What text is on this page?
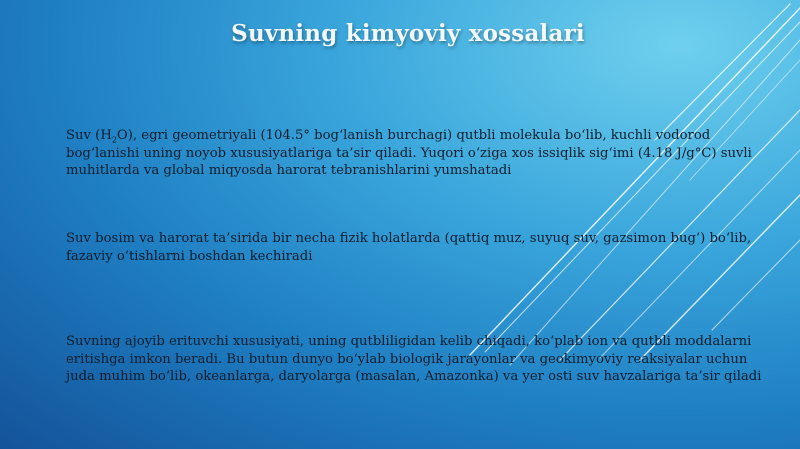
Suvning kimyoviy xossalari

Suv $(H_2O)$, egri geometriyali (104.5° bog‘lanish burchagi) qutbli molekula bo‘lib, kuchli vodorod bog‘lanishi uning noyob xususiyatlariga ta’sir qiladi. Yuqori o‘ziga xos issiqlik sig‘imi (4.18 J/g°C) suvli muhitlarda va global miqyosda harorat tebranishlarini yumshatadi

Suv bosim va harorat ta’sirida bir necha fizik holatlarda (qattiq muz, suyuq suv, gazsimon bug‘) bo‘lib, fazaviy o‘tishlarni boshdan kechiradi

Suvning ajoyib erituvchi xususiyati, uning qutbliligidan kelib chiqadi, ko‘plab ion va qutbli moddalarni eritishga imkon beradi. Bu butun dunyo bo‘ylab biologik jarayonlar va geokimyoviy reaksiyalar uchun juda muhim bo‘lib, okeanlarga, daryolarga (masalan, Amazonka) va yer osti suv havzalariga ta’sir qiladi
